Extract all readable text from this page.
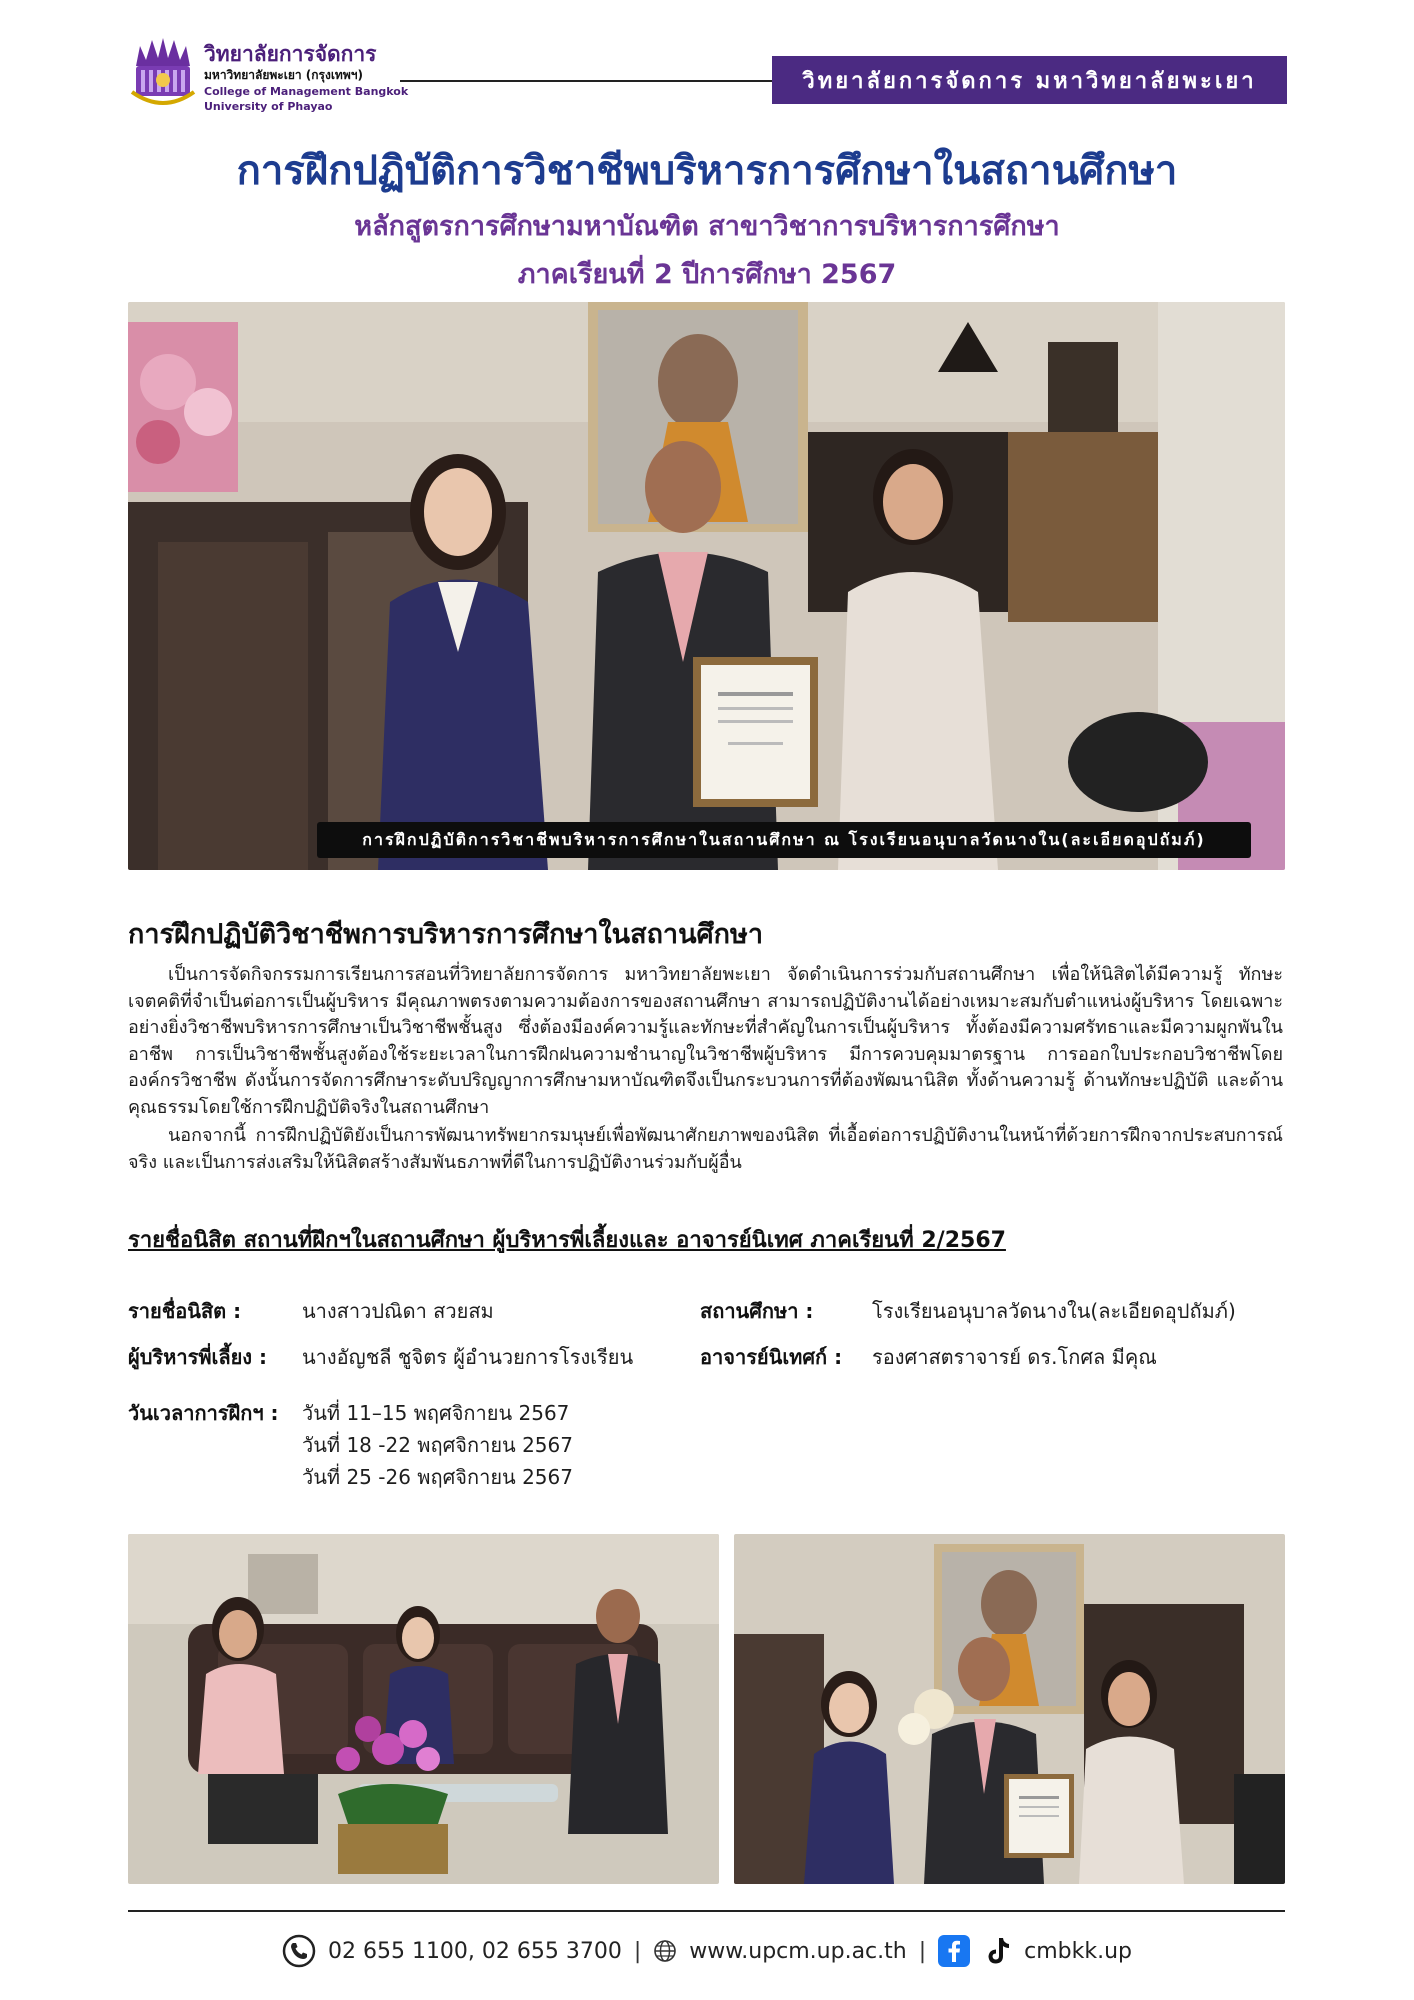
วิทยาลัยการจัดการ
มหาวิทยาลัยพะเยา (กรุงเทพฯ)
College of Management Bangkok
University of Phayao
วิทยาลัยการจัดการ มหาวิทยาลัยพะเยา
การฝึกปฏิบัติการวิชาชีพบริหารการศึกษาในสถานศึกษา
หลักสูตรการศึกษามหาบัณฑิต สาขาวิชาการบริหารการศึกษา
ภาคเรียนที่ 2 ปีการศึกษา 2567
การฝึกปฏิบัติการวิชาชีพบริหารการศึกษาในสถานศึกษา ณ โรงเรียนอนุบาลวัดนางใน(ละเอียดอุปถัมภ์)
การฝึกปฏิบัติวิชาชีพการบริหารการศึกษาในสถานศึกษา
เป็นการจัดกิจกรรมการเรียนการสอนที่วิทยาลัยการจัดการ มหาวิทยาลัยพะเยา จัดดำเนินการร่วมกับสถานศึกษา เพื่อให้นิสิตได้มีความรู้ ทักษะ เจตคติที่จำเป็นต่อการเป็นผู้บริหาร มีคุณภาพตรงตามความต้องการของสถานศึกษา สามารถปฏิบัติงานได้อย่างเหมาะสมกับตำแหน่งผู้บริหาร โดยเฉพาะอย่างยิ่งวิชาชีพบริหารการศึกษาเป็นวิชาชีพชั้นสูง ซึ่งต้องมีองค์ความรู้และทักษะที่สำคัญในการเป็นผู้บริหาร ทั้งต้องมีความศรัทธาและมีความผูกพันในอาชีพ การเป็นวิชาชีพชั้นสูงต้องใช้ระยะเวลาในการฝึกฝนความชำนาญในวิชาชีพผู้บริหาร มีการควบคุมมาตรฐาน การออกใบประกอบวิชาชีพโดยองค์กรวิชาชีพ ดังนั้นการจัดการศึกษาระดับปริญญาการศึกษามหาบัณฑิตจึงเป็นกระบวนการที่ต้องพัฒนานิสิต ทั้งด้านความรู้ ด้านทักษะปฏิบัติ และด้านคุณธรรมโดยใช้การฝึกปฏิบัติจริงในสถานศึกษา
นอกจากนี้ การฝึกปฏิบัติยังเป็นการพัฒนาทรัพยากรมนุษย์เพื่อพัฒนาศักยภาพของนิสิต ที่เอื้อต่อการปฏิบัติงานในหน้าที่ด้วยการฝึกจากประสบการณ์จริง และเป็นการส่งเสริมให้นิสิตสร้างสัมพันธภาพที่ดีในการปฏิบัติงานร่วมกับผู้อื่น
รายชื่อนิสิต สถานที่ฝึกฯในสถานศึกษา ผู้บริหารพี่เลี้ยงและ อาจารย์นิเทศ ภาคเรียนที่ 2/2567
รายชื่อนิสิต :	นางสาวปณิดา สวยสม	สถานศึกษา :	โรงเรียนอนุบาลวัดนางใน(ละเอียดอุปถัมภ์)
ผู้บริหารพี่เลี้ยง : นางอัญชลี ชูจิตร ผู้อำนวยการโรงเรียน	อาจารย์นิเทศก์ : รองศาสตราจารย์ ดร.โกศล มีคุณ
วันเวลาการฝึกฯ : วันที่ 11–15 พฤศจิกายน 2567
วันที่ 18 -22 พฤศจิกายน 2567
วันที่ 25 -26 พฤศจิกายน 2567
02 655 1100, 02 655 3700 | www.upcm.up.ac.th |	cmbkk.up
